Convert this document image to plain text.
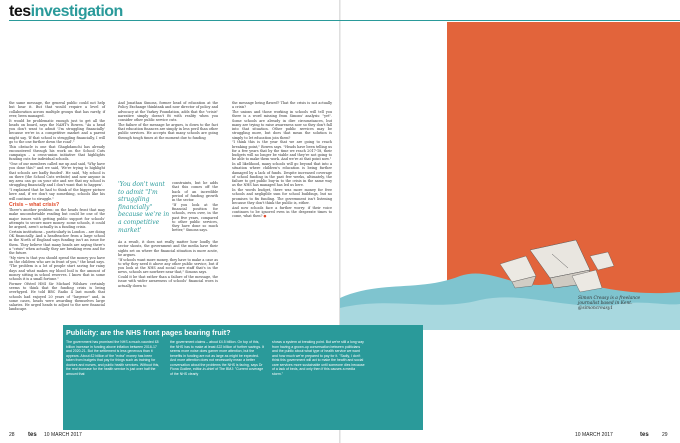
tesinvestigation

the same message, the general public could not help but hear it. But that would require a level of collaboration across multiple groups that has rarely, if ever, been managed.

It would be problematic enough just to get all the heads on board, says the NAHT's Bowen. "As a head you don't want to admit 'I'm struggling financially' because we're in a competitive market and a parent might say, 'If that school is struggling financially, I will go to the one further down the road'."

This obstacle is one that Ghaghdamchi has already encountered through his work on the School Cuts campaign – a cross-union initiative that highlights funding cuts for individual schools.

"One of our members called me up and said, 'Why have you done this?' and we said, 'We're trying to highlight that schools are badly funded'. He said, 'My school is on there (the School Cuts website) and now anyone in my area can go on your site and see that my school is struggling financially and I don't want that to happen'.

"I explained that he had to think of the bigger picture here and, if we don't say something, schools like his will continue to struggle."

Crisis – what crisis?

There's another problem: on the heads front that may make uncomfortable reading but could be one of the major issues with getting public support for schools' attempts to secure more money: some schools, it could be argued, aren't actually in a funding crisis.

Certain institutions – particularly in London – are doing OK financially. And a headteacher from a large school in the North of England says funding isn't an issue for them. They believe that many heads are saying there's a "crisis" when actually they are breaking even and for the future.

"My view is that you should spend the money you have on the children who are in front of you," the head says. "The problem is a lot of people start saving for rainy days and what makes my blood boil is the amount of money sitting in school reserves. I know that in some schools it is a small fortune."

Former Ofsted HMI Sir Michael Wilshaw certainly seems to think that the funding crisis is being overhyped. He told BBC Radio 4 last month that schools had enjoyed 20 years of "largesse" and, in some cases, heads were awarding themselves large salaries. He urged heads to adjust to the new financial landscape.

And Jonathan Simons, former head of education at the Policy Exchange thinktank and now director of policy and advocacy at the Varkey Foundation, adds that the "crisis" narrative simply doesn't fit with reality when you consider other public service cuts.

The failure of the message he argues, is down to the fact that education finances are simply in less peril than other public services. He accepts that many schools are going through tough times at the moment due to funding

'You don't want to admit "I'm struggling financially" because we're in a competitive market'

constraints, but he adds that this comes off the back of an incredible period of funding growth in the sector.

"If you look at the financial position for schools, even over, in the past five years, compared to other public services, they have done so much better," Simons says.

As a result, it does not really matter how loudly the sector shouts, the government and the media have their sights set on where the financial situation is more acute, he argues.

"If schools want more money, they have to make a case as to why they need it above any other public service, but if you look at the NHS and social care staff that's in the news, schools are nowhere near that," Simons says.

Could it be that rather than a failure of the message, the issue with wider awareness of schools' financial woes is actually down to

the message being flawed? That the crisis is not actually a crisis?

The unions and those working in schools will tell you there is a word missing from Simons' analysis: "yet". Some schools are already in dire circumstances, but many are trying to raise awareness now so they don't fall into that situation. Other public services may be struggling more, but does that mean the solution is simply to let education join them?

"I think this is the year that we are going to reach breaking point," Bowen says. "Heads have been telling us for a few years that by the time we reach 2017-18, their budgets will no longer be viable and they're not going to be able to make them work. And we're at that point now."

In all likelihood, many schools will go beyond that into a situation where children's education is being further damaged by a lack of funds. Despite increased coverage of school funding in the past few weeks, ultimately, the failure to get public buy-in to the crisis in the same way as the NHS has managed has led us here.

In the words budget, there was more money for free schools and negligible sum for school buildings, but no promises to fix funding. The government isn't listening because they don't think the public is, either.

And now schools face a further worry: if their voice continues to be ignored even in the desperate times to come, what then? ●

Simon Creasy is a freelance
journalist based in Kent.
@simoncreasy1
Publicity: are the NHS front pages bearing fruit?
The government has promised the NHS a much-vaunted £8 billion increase in funding above inflation between 2016-17 and 2020-21. But the settlement is less generous than it appears. About £2 billion of the "extra" money has been taken from budgets that pay for things such as training for doctors and nurses, and public health services. Without this, the real increase for the health service is just over half the amount that
the government claims – about £4.5 billion. On top of this, the NHS has to make at least £22 billion of further savings. It seems more noise does garner more attention, but the benefits in funding are not as large as might be expected. And more attention does not necessarily mean a better conversation about the problems the NHS is facing, says Dr Fiona Godlee, editor-in-chief of The BMJ: "Current coverage of the NHS clearly
shows a system at breaking point. But we're still a long way from having a grown-up conversation between politicians and the public about what type of health service we want and how much we're prepared to pay for it. "Sadly, I don't think this government will act to make the health and social care services more sustainable until someone dies because of a lack of beds, and only then if this causes a media storm."
28 tes 10 MARCH 2017	10 MARCH 2017	tes	29
